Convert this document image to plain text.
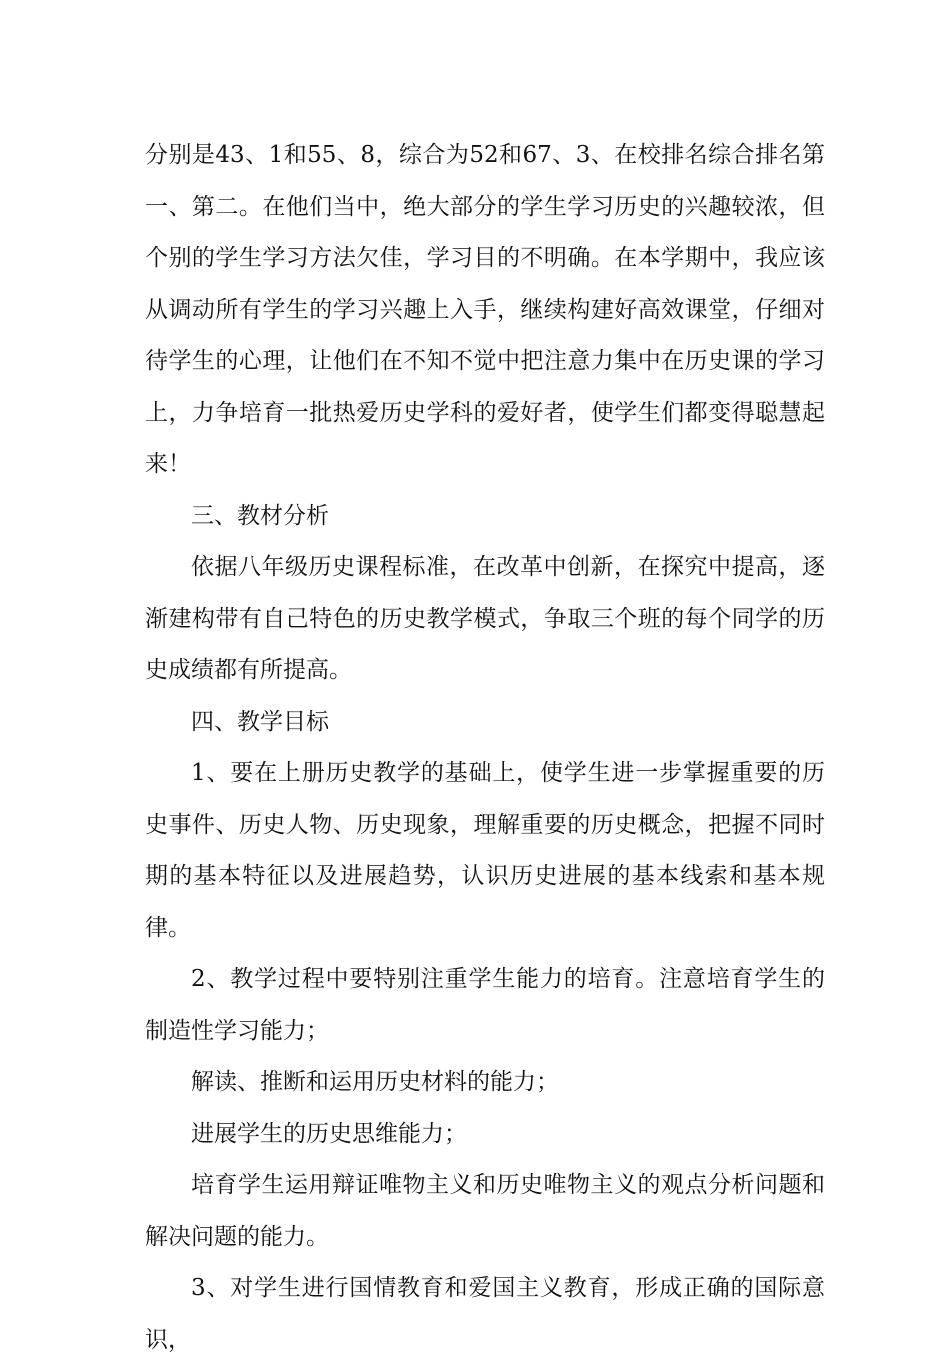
分别是43、1和55、8，综合为52和67、3、在校排名综合排名第一、第二。在他们当中，绝大部分的学生学习历史的兴趣较浓，但个别的学生学习方法欠佳，学习目的不明确。在本学期中，我应该从调动所有学生的学习兴趣上入手，继续构建好高效课堂，仔细对待学生的心理，让他们在不知不觉中把注意力集中在历史课的学习上，力争培育一批热爱历史学科的爱好者，使学生们都变得聪慧起来！

三、教材分析

依据八年级历史课程标准，在改革中创新，在探究中提高，逐渐建构带有自己特色的历史教学模式，争取三个班的每个同学的历史成绩都有所提高。

四、教学目标

1、要在上册历史教学的基础上，使学生进一步掌握重要的历史事件、历史人物、历史现象，理解重要的历史概念，把握不同时期的基本特征以及进展趋势，认识历史进展的基本线索和基本规律。

2、教学过程中要特别注重学生能力的培育。注意培育学生的制造性学习能力；

解读、推断和运用历史材料的能力；

进展学生的历史思维能力；

培育学生运用辩证唯物主义和历史唯物主义的观点分析问题和解决问题的能力。

3、对学生进行国情教育和爱国主义教育，形成正确的国际意识，
